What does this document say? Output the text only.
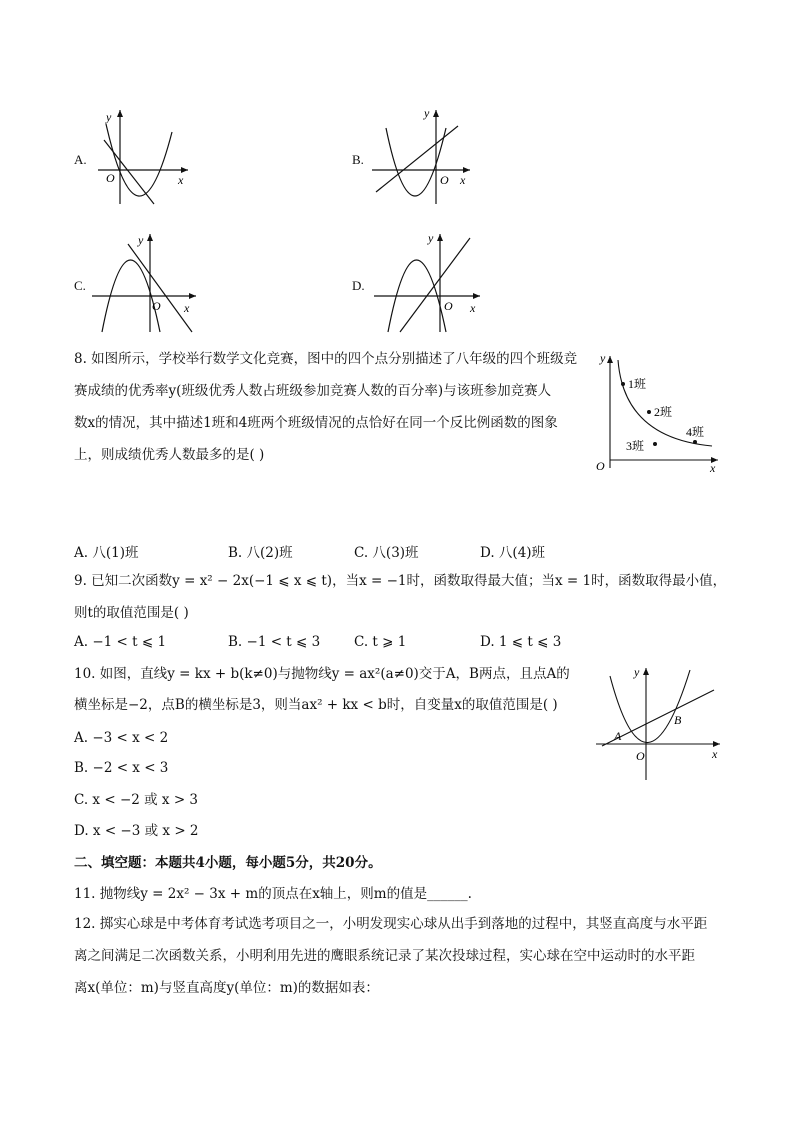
A.
y
O	x
B.
y
O x
C.
y
O x
D.
y
O x
8. 如图所示，学校举行数学文化竞赛，图中的四个点分别描述了八年级的四个班级竞
赛成绩的优秀率y(班级优秀人数占班级参加竞赛人数的百分率)与该班参加竞赛人
数x的情况，其中描述1班和4班两个班级情况的点恰好在同一个反比例函数的图象
上，则成绩优秀人数最多的是( )
y
O	x
1班
2班
3班
4班
A. 八(1)班	B. 八(2)班	C. 八(3)班	D. 八(4)班
9. 已知二次函数y = x² − 2x(−1 ⩽ x ⩽ t)，当x = −1时，函数取得最大值；当x = 1时，函数取得最小值，
则t的取值范围是( )
A. −1 < t ⩽ 1	B. −1 < t ⩽ 3	C. t ⩾ 1	D. 1 ⩽ t ⩽ 3
10. 如图，直线y = kx + b(k≠0)与抛物线y = ax²(a≠0)交于A，B两点，且点A的
横坐标是−2，点B的横坐标是3，则当ax² + kx < b时，自变量x的取值范围是( )
A. −3 < x < 2
B. −2 < x < 3
C. x < −2 或 x > 3
D. x < −3 或 x > 2
y
O	x
A
B
二、填空题：本题共4小题，每小题5分，共20分。
11. 抛物线y = 2x² − 3x + m的顶点在x轴上，则m的值是______.
12. 掷实心球是中考体育考试选考项目之一，小明发现实心球从出手到落地的过程中，其竖直高度与水平距
离之间满足二次函数关系，小明利用先进的鹰眼系统记录了某次投球过程，实心球在空中运动时的水平距
离x(单位：m)与竖直高度y(单位：m)的数据如表：
